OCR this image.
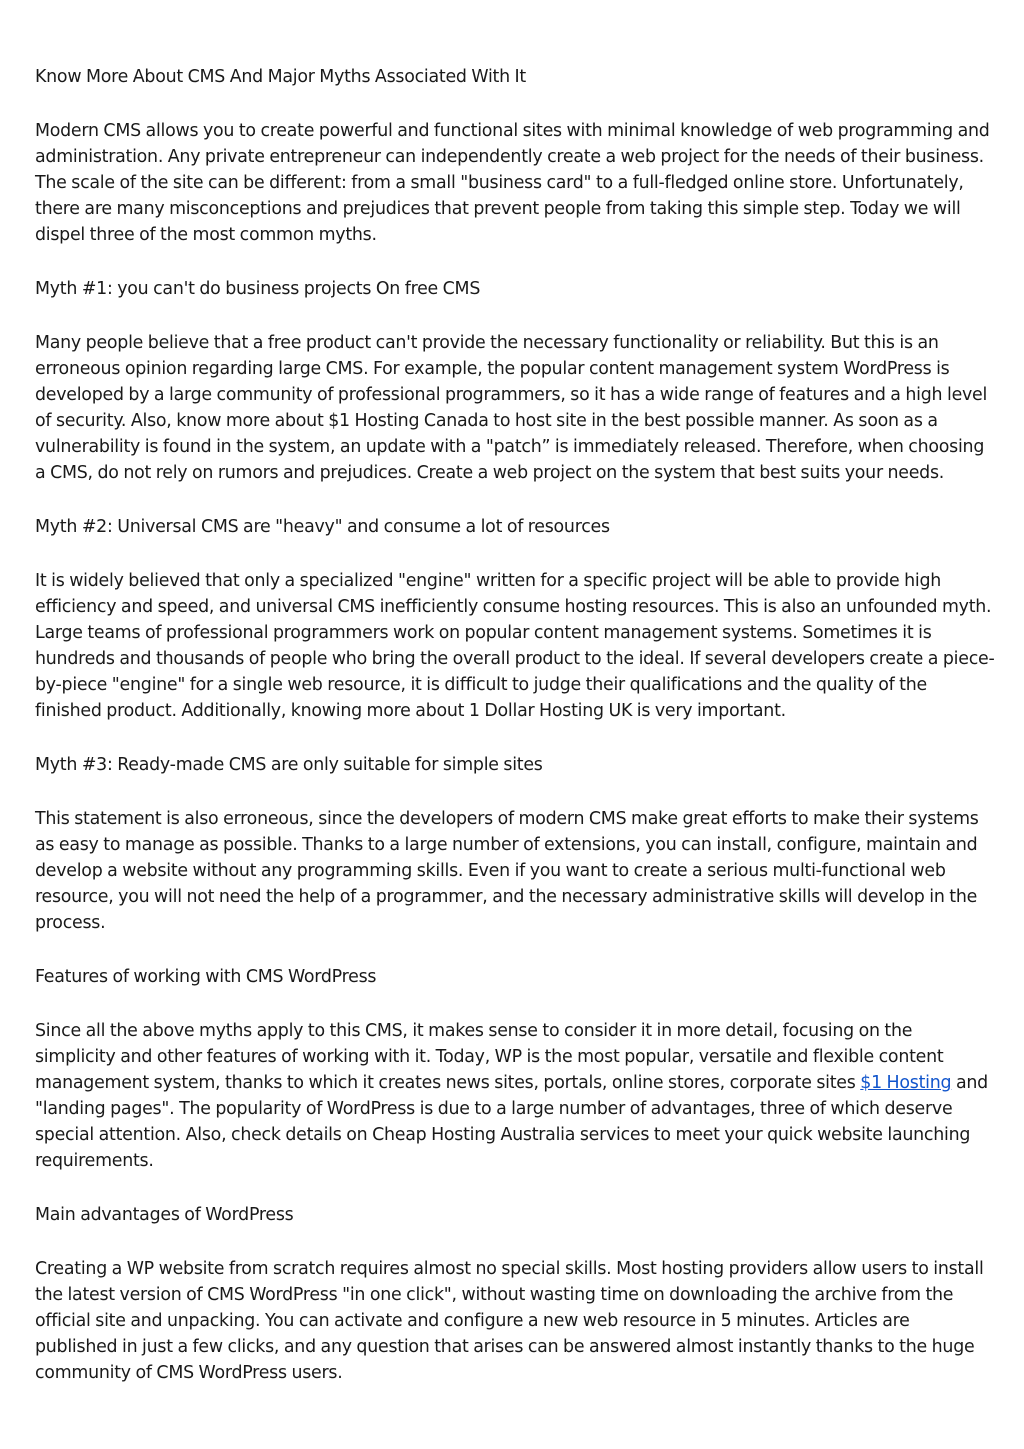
Know More About CMS And Major Myths Associated With It

Modern CMS allows you to create powerful and functional sites with minimal knowledge of web programming and administration. Any private entrepreneur can independently create a web project for the needs of their business. The scale of the site can be different: from a small "business card" to a full-fledged online store. Unfortunately, there are many misconceptions and prejudices that prevent people from taking this simple step. Today we will dispel three of the most common myths.

Myth #1: you can't do business projects On free CMS

Many people believe that a free product can't provide the necessary functionality or reliability. But this is an erroneous opinion regarding large CMS. For example, the popular content management system WordPress is developed by a large community of professional programmers, so it has a wide range of features and a high level of security. Also, know more about $1 Hosting Canada to host site in the best possible manner. As soon as a vulnerability is found in the system, an update with a "patch” is immediately released. Therefore, when choosing a CMS, do not rely on rumors and prejudices. Create a web project on the system that best suits your needs.

Myth #2: Universal CMS are "heavy" and consume a lot of resources

It is widely believed that only a specialized "engine" written for a specific project will be able to provide high efficiency and speed, and universal CMS inefficiently consume hosting resources. This is also an unfounded myth. Large teams of professional programmers work on popular content management systems. Sometimes it is hundreds and thousands of people who bring the overall product to the ideal. If several developers create a piece-by-piece "engine" for a single web resource, it is difficult to judge their qualifications and the quality of the finished product. Additionally, knowing more about 1 Dollar Hosting UK is very important.

Myth #3: Ready-made CMS are only suitable for simple sites

This statement is also erroneous, since the developers of modern CMS make great efforts to make their systems as easy to manage as possible. Thanks to a large number of extensions, you can install, configure, maintain and develop a website without any programming skills. Even if you want to create a serious multi-functional web resource, you will not need the help of a programmer, and the necessary administrative skills will develop in the process.

Features of working with CMS WordPress

Since all the above myths apply to this CMS, it makes sense to consider it in more detail, focusing on the simplicity and other features of working with it. Today, WP is the most popular, versatile and flexible content management system, thanks to which it creates news sites, portals, online stores, corporate sites $1 Hosting and "landing pages". The popularity of WordPress is due to a large number of advantages, three of which deserve special attention. Also, check details on Cheap Hosting Australia services to meet your quick website launching requirements.

Main advantages of WordPress

Creating a WP website from scratch requires almost no special skills. Most hosting providers allow users to install the latest version of CMS WordPress "in one click", without wasting time on downloading the archive from the official site and unpacking. You can activate and configure a new web resource in 5 minutes. Articles are published in just a few clicks, and any question that arises can be answered almost instantly thanks to the huge community of CMS WordPress users.
